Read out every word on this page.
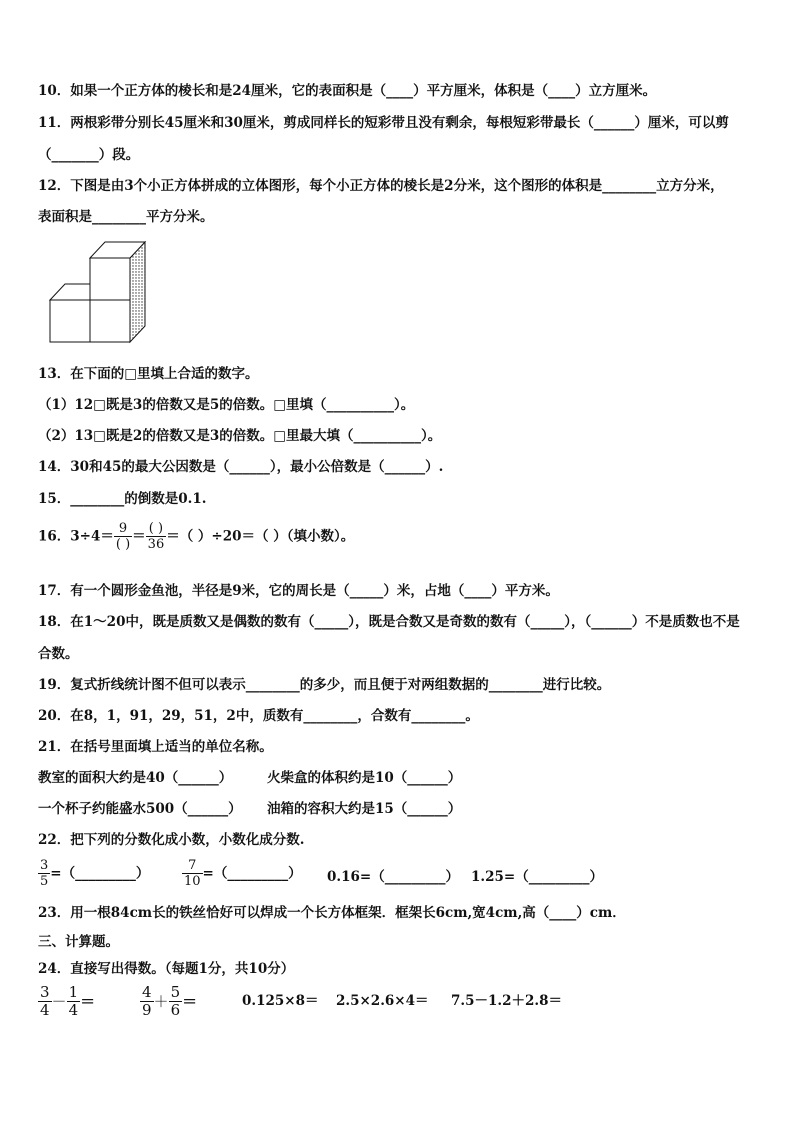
10．如果一个正方体的棱长和是24厘米，它的表面积是（____）平方厘米，体积是（____）立方厘米。
11．两根彩带分别长45厘米和30厘米，剪成同样长的短彩带且没有剩余，每根短彩带最长（______）厘米，可以剪
（_______）段。
12．下图是由3个小正方体拼成的立体图形，每个小正方体的棱长是2分米，这个图形的体积是________立方分米，
表面积是________平方分米。
13．在下面的□里填上合适的数字。
（1）12□既是3的倍数又是5的倍数。□里填（__________）。
（2）13□既是2的倍数又是3的倍数。□里最大填（__________）。
14．30和45的最大公因数是（______），最小公倍数是（______）.
15．________的倒数是0.1.
16．$3\div 4= \frac{9}{( )} = \frac{( )}{36}$ ＝（ ）÷20＝（ ）（填小数）。
17．有一个圆形金鱼池，半径是9米，它的周长是（_____）米，占地（____）平方米。
18．在1～20中，既是质数又是偶数的数有（_____），既是合数又是奇数的数有（_____），（______）不是质数也不是
合数。
19．复式折线统计图不但可以表示________的多少，而且便于对两组数据的________进行比较。
20．在8，1，91，29，51，2中，质数有________，合数有________。
21．在括号里面填上适当的单位名称。
教室的面积大约是40（______）	火柴盒的体积约是10（______）
一个杯子约能盛水500（______） 油箱的容积大约是15（______）
22．把下列的分数化成小数，小数化成分数.
$\frac{3}{5}$ =（_________）	$\frac{7}{10}$ =（_________） 0.16=（_________） 1.25=（_________）
23．用一根84cm长的铁丝恰好可以焊成一个长方体框架．框架长6cm,宽4cm,高（____）cm．
三、计算题。
24．直接写出得数。（每题1分，共10分）
$\frac{3}{4} - \frac{1}{4}$ ＝	$\frac{4}{9} + \frac{5}{6}$ ＝	0.125×8＝ 2.5×2.6×4＝ 7.5－1.2＋2.8＝
